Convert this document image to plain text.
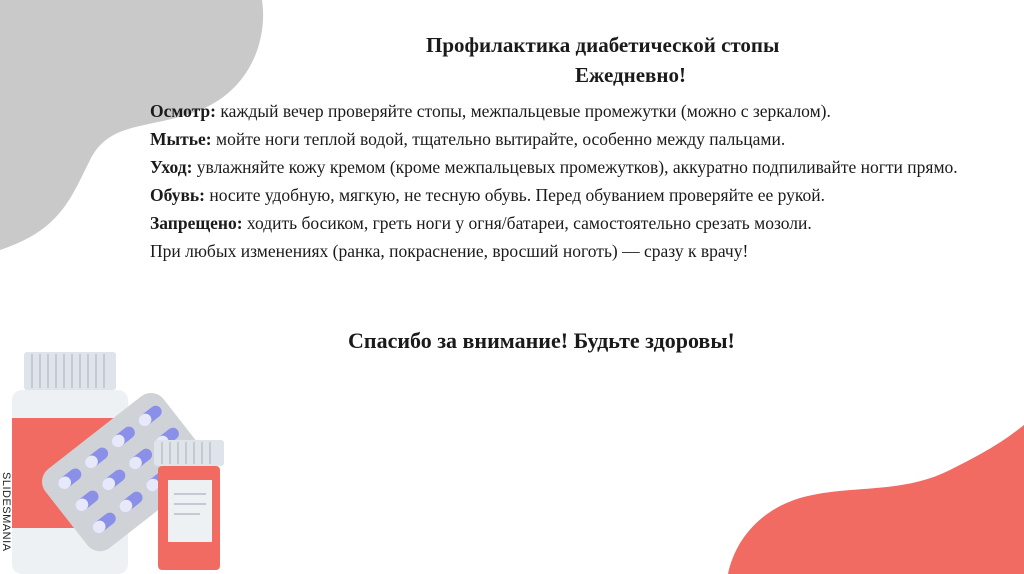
Профилактика диабетической стопы
Ежедневно!

Осмотр: каждый вечер проверяйте стопы, межпальцевые промежутки (можно с зеркалом).

Мытье: мойте ноги теплой водой, тщательно вытирайте, особенно между пальцами.

Уход: увлажняйте кожу кремом (кроме межпальцевых промежутков), аккуратно подпиливайте ногти прямо.

Обувь: носите удобную, мягкую, не тесную обувь. Перед обуванием проверяйте ее рукой.

Запрещено: ходить босиком, греть ноги у огня/батареи, самостоятельно срезать мозоли.

При любых изменениях (ранка, покраснение, вросший ноготь) — сразу к врачу!

Спасибо за внимание! Будьте здоровы!
SLIDESMANIA
